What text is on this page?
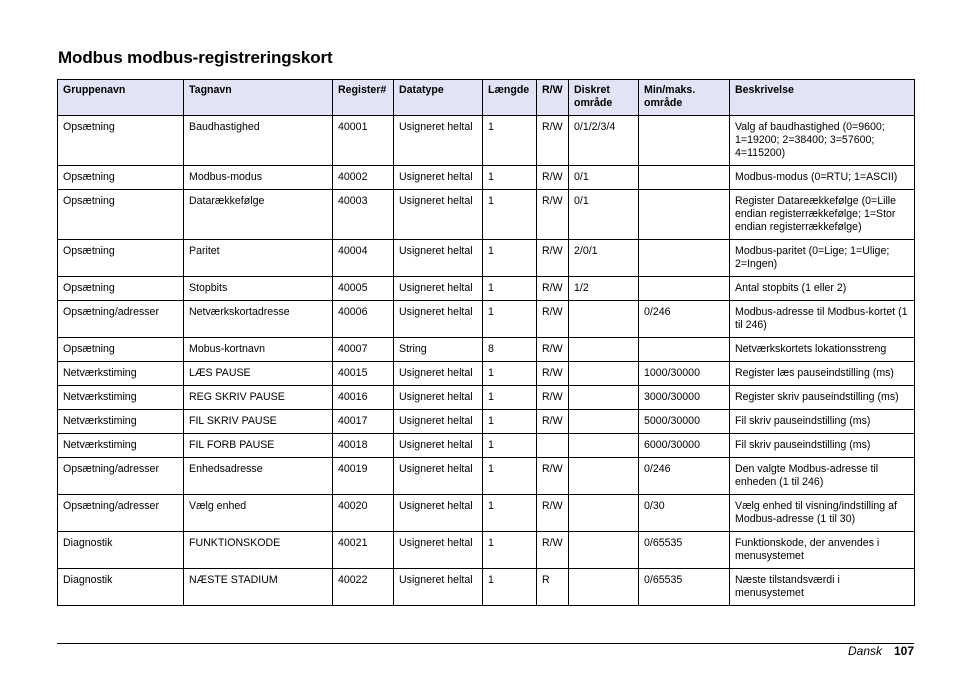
Modbus modbus-registreringskort
Gruppenavn	Tagnavn	Register#	Datatype	Længde	R/W	Diskret område	Min/maks. område	Beskrivelse
Opsætning	Baudhastighed	40001	Usigneret heltal	1	R/W	0/1/2/3/4		Valg af baudhastighed (0=9600; 1=19200; 2=38400; 3=57600; 4=115200)
Opsætning	Modbus-modus	40002	Usigneret heltal	1	R/W	0/1		Modbus-modus (0=RTU; 1=ASCII)
Opsætning	Datarækkefølge	40003	Usigneret heltal	1	R/W	0/1		Register Datareækkefølge (0=Lille endian registerrækkefølge; 1=Stor endian registerrækkefølge)
Opsætning	Paritet	40004	Usigneret heltal	1	R/W	2/0/1		Modbus-paritet (0=Lige; 1=Ulige; 2=Ingen)
Opsætning	Stopbits	40005	Usigneret heltal	1	R/W	1/2		Antal stopbits (1 eller 2)
Opsætning/adresser	Netværkskortadresse	40006	Usigneret heltal	1	R/W		0/246	Modbus-adresse til Modbus-kortet (1 til 246)
Opsætning	Mobus-kortnavn	40007	String	8	R/W			Netværkskortets lokationsstreng
Netværkstiming	LÆS PAUSE	40015	Usigneret heltal	1	R/W		1000/30000	Register læs pauseindstilling (ms)
Netværkstiming	REG SKRIV PAUSE	40016	Usigneret heltal	1	R/W		3000/30000	Register skriv pauseindstilling (ms)
Netværkstiming	FIL SKRIV PAUSE	40017	Usigneret heltal	1	R/W		5000/30000	Fil skriv pauseindstilling (ms)
Netværkstiming	FIL FORB PAUSE	40018	Usigneret heltal	1			6000/30000	Fil skriv pauseindstilling (ms)
Opsætning/adresser	Enhedsadresse	40019	Usigneret heltal	1	R/W		0/246	Den valgte Modbus-adresse til enheden (1 til 246)
Opsætning/adresser	Vælg enhed	40020	Usigneret heltal	1	R/W		0/30	Vælg enhed til visning/indstilling af Modbus-adresse (1 til 30)
Diagnostik	FUNKTIONSKODE	40021	Usigneret heltal	1	R/W		0/65535	Funktionskode, der anvendes i menusystemet
Diagnostik	NÆSTE STADIUM	40022	Usigneret heltal	1	R		0/65535	Næste tilstandsværdi i menusystemet
Dansk 107
